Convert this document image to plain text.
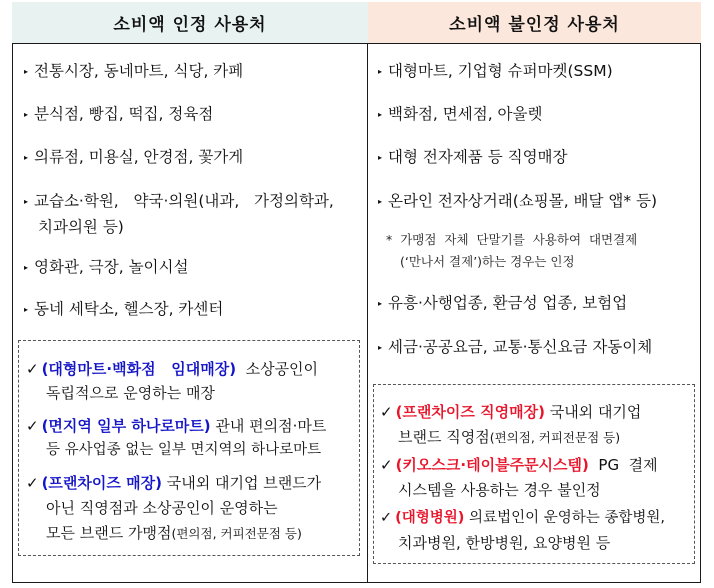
소비액 인정 사용처	소비액 불인정 사용처
▸ 전통시장, 동네마트, 식당, 카페
▸ 분식점, 빵집, 떡집, 정육점
▸ 의류점, 미용실, 안경점, 꽃가게
▸ 교습소·학원,   약국·의원(내과,   가정의학과,
치과의원 등)
▸ 영화관, 극장, 놀이시설
▸ 동네 세탁소, 헬스장, 카센터
✓ (대형마트·백화점   임대매장)  소상공인이
독립적으로 운영하는 매장
✓ (면지역 일부 하나로마트) 관내 편의점·마트
등 유사업종 없는 일부 면지역의 하나로마트
✓ (프랜차이즈 매장) 국내외 대기업 브랜드가
아닌 직영점과 소상공인이 운영하는
모든 브랜드 가맹점(편의점, 커피전문점 등)
▸ 대형마트, 기업형 슈퍼마켓(SSM)
▸ 백화점, 면세점, 아울렛
▸ 대형 전자제품 등 직영매장
▸ 온라인 전자상거래(쇼핑몰, 배달 앱* 등)
*  가맹점  자체  단말기를  사용하여  대면결제
(‘만나서 결제’)하는 경우는 인정
▸ 유흥·사행업종, 환금성 업종, 보험업
▸ 세금·공공요금, 교통·통신요금 자동이체
✓ (프랜차이즈 직영매장) 국내외 대기업
브랜드 직영점(편의점, 커피전문점 등)
✓ (키오스크·테이블주문시스템)  PG  결제
시스템을 사용하는 경우 불인정
✓ (대형병원) 의료법인이 운영하는 종합병원,
치과병원, 한방병원, 요양병원 등
